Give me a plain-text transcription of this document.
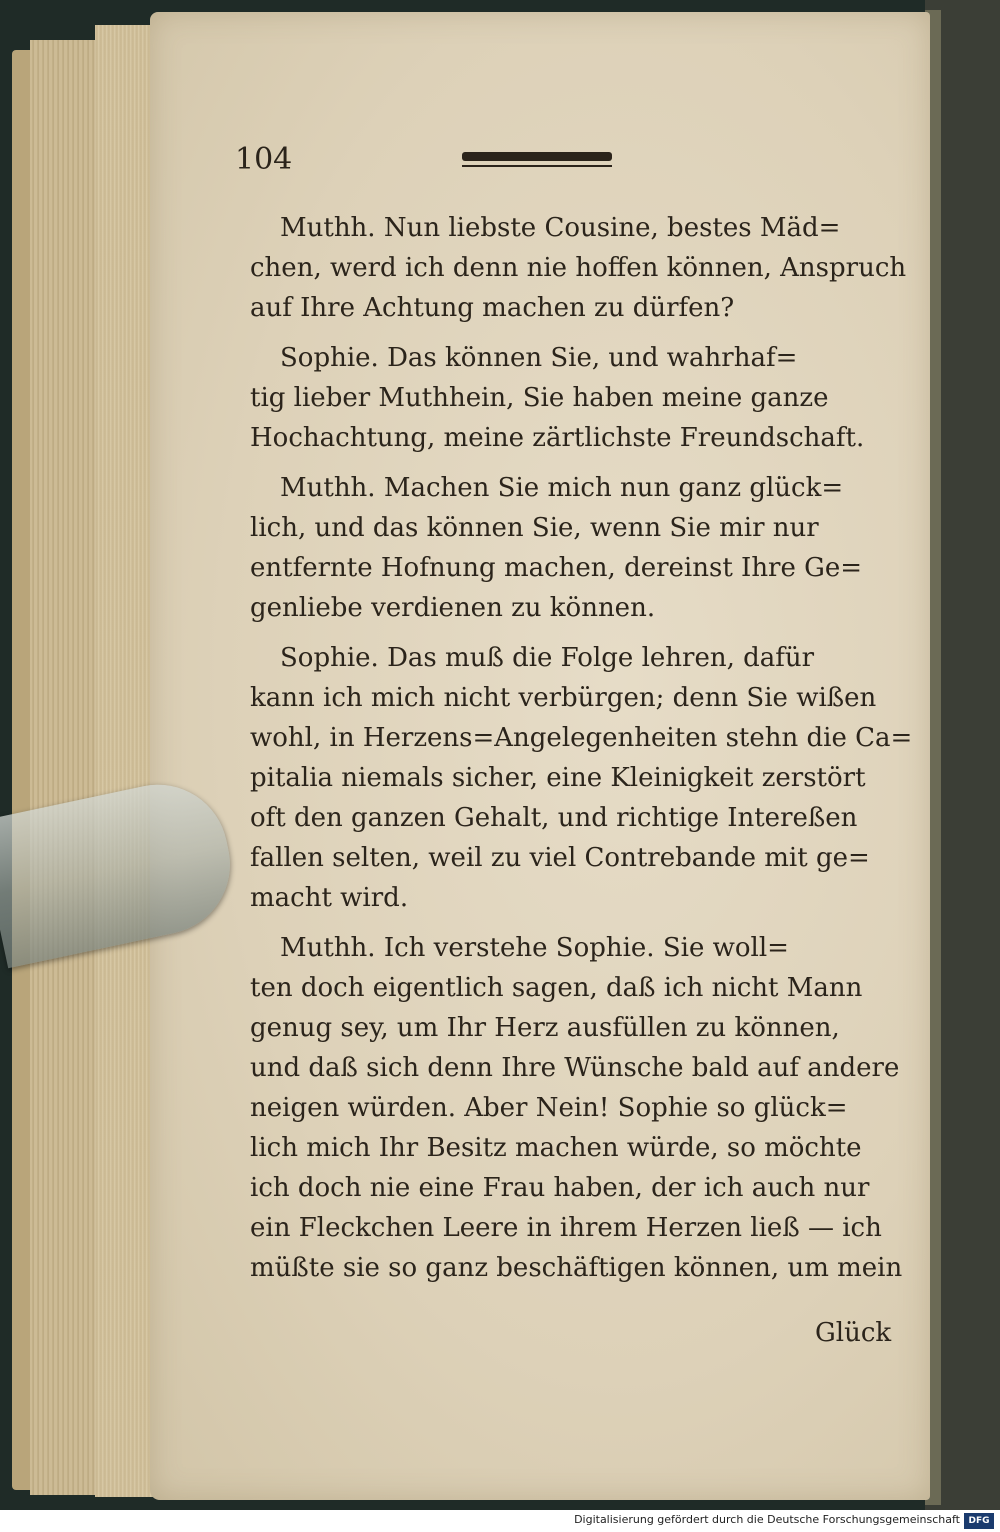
104
Muthh. Nun liebste Cousine, bestes Mäd=
chen, werd ich denn nie hoffen können, Anspruch
auf Ihre Achtung machen zu dürfen?
Sophie. Das können Sie, und wahrhaf=
tig lieber Muthhein, Sie haben meine ganze
Hochachtung, meine zärtlichste Freundschaft.
Muthh. Machen Sie mich nun ganz glück=
lich, und das können Sie, wenn Sie mir nur
entfernte Hofnung machen, dereinst Ihre Ge=
genliebe verdienen zu können.
Sophie. Das muß die Folge lehren, dafür
kann ich mich nicht verbürgen; denn Sie wißen
wohl, in Herzens=Angelegenheiten stehn die Ca=
pitalia niemals sicher, eine Kleinigkeit zerstört
oft den ganzen Gehalt, und richtige Intereßen
fallen selten, weil zu viel Contrebande mit ge=
macht wird.
Muthh. Ich verstehe Sophie. Sie woll=
ten doch eigentlich sagen, daß ich nicht Mann
genug sey, um Ihr Herz ausfüllen zu können,
und daß sich denn Ihre Wünsche bald auf andere
neigen würden. Aber Nein! Sophie so glück=
lich mich Ihr Besitz machen würde, so möchte
ich doch nie eine Frau haben, der ich auch nur
ein Fleckchen Leere in ihrem Herzen ließ — ich
müßte sie so ganz beschäftigen können, um mein
Glück
Digitalisierung gefördert durch die Deutsche Forschungsgemeinschaft DFG
